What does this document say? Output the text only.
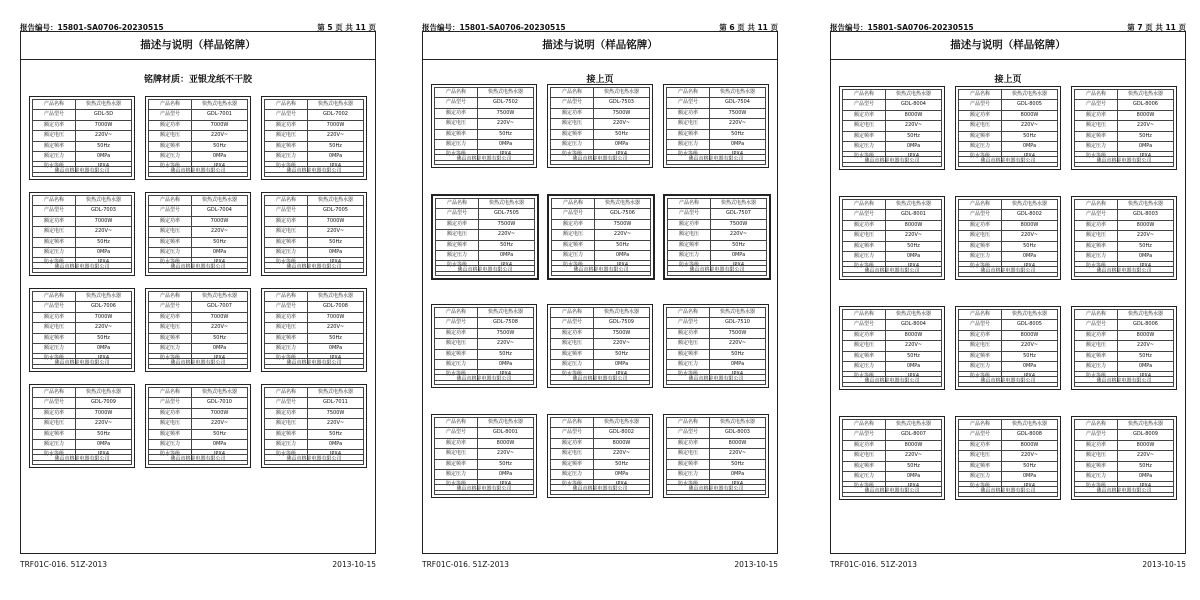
报告编号：15801-SA0706-20230515	第 5 页 共 11 页
描述与说明（样品铭牌）
铭牌材质：亚银龙纸不干胶
产品名称	快热式电热水器
产品型号	GDL-5D
额定功率	7000W
额定电压	220V~
额定频率	50Hz
额定压力	0MPa
防水等级	IPX4
佛山市格美电器有限公司
产品名称	快热式电热水器
产品型号	GDL-7001
额定功率	7000W
额定电压	220V~
额定频率	50Hz
额定压力	0MPa
防水等级	IPX4
佛山市格美电器有限公司
产品名称	快热式电热水器
产品型号	GDL-7002
额定功率	7000W
额定电压	220V~
额定频率	50Hz
额定压力	0MPa
防水等级	IPX4
佛山市格美电器有限公司
产品名称	快热式电热水器
产品型号	GDL-7003
额定功率	7000W
额定电压	220V~
额定频率	50Hz
额定压力	0MPa
防水等级	IPX4
佛山市格美电器有限公司
产品名称	快热式电热水器
产品型号	GDL-7004
额定功率	7000W
额定电压	220V~
额定频率	50Hz
额定压力	0MPa
防水等级	IPX4
佛山市格美电器有限公司
产品名称	快热式电热水器
产品型号	GDL-7005
额定功率	7000W
额定电压	220V~
额定频率	50Hz
额定压力	0MPa
防水等级	IPX4
佛山市格美电器有限公司
产品名称	快热式电热水器
产品型号	GDL-7006
额定功率	7000W
额定电压	220V~
额定频率	50Hz
额定压力	0MPa
防水等级	IPX4
佛山市格美电器有限公司
产品名称	快热式电热水器
产品型号	GDL-7007
额定功率	7000W
额定电压	220V~
额定频率	50Hz
额定压力	0MPa
防水等级	IPX4
佛山市格美电器有限公司
产品名称	快热式电热水器
产品型号	GDL-7008
额定功率	7000W
额定电压	220V~
额定频率	50Hz
额定压力	0MPa
防水等级	IPX4
佛山市格美电器有限公司
产品名称	快热式电热水器
产品型号	GDL-7009
额定功率	7000W
额定电压	220V~
额定频率	50Hz
额定压力	0MPa
防水等级	IPX4
佛山市格美电器有限公司
产品名称	快热式电热水器
产品型号	GDL-7010
额定功率	7000W
额定电压	220V~
额定频率	50Hz
额定压力	0MPa
防水等级	IPX4
佛山市格美电器有限公司
产品名称	快热式电热水器
产品型号	GDL-7011
额定功率	7500W
额定电压	220V~
额定频率	50Hz
额定压力	0MPa
防水等级	IPX4
佛山市格美电器有限公司
TRF01C-016. 51Z-2013	2013-10-15
报告编号：15801-SA0706-20230515	第 6 页 共 11 页
描述与说明（样品铭牌）
接上页
产品名称	快热式电热水器
产品型号	GDL-7502
额定功率	7500W
额定电压	220V~
额定频率	50Hz
额定压力	0MPa
防水等级	IPX4
佛山市格美电器有限公司
产品名称	快热式电热水器
产品型号	GDL-7503
额定功率	7500W
额定电压	220V~
额定频率	50Hz
额定压力	0MPa
防水等级	IPX4
佛山市格美电器有限公司
产品名称	快热式电热水器
产品型号	GDL-7504
额定功率	7500W
额定电压	220V~
额定频率	50Hz
额定压力	0MPa
防水等级	IPX4
佛山市格美电器有限公司
产品名称	快热式电热水器
产品型号	GDL-7505
额定功率	7500W
额定电压	220V~
额定频率	50Hz
额定压力	0MPa
防水等级	IPX4
佛山市格美电器有限公司
产品名称	快热式电热水器
产品型号	GDL-7506
额定功率	7500W
额定电压	220V~
额定频率	50Hz
额定压力	0MPa
防水等级	IPX4
佛山市格美电器有限公司
产品名称	快热式电热水器
产品型号	GDL-7507
额定功率	7500W
额定电压	220V~
额定频率	50Hz
额定压力	0MPa
防水等级	IPX4
佛山市格美电器有限公司
产品名称	快热式电热水器
产品型号	GDL-7508
额定功率	7500W
额定电压	220V~
额定频率	50Hz
额定压力	0MPa
防水等级	IPX4
佛山市格美电器有限公司
产品名称	快热式电热水器
产品型号	GDL-7509
额定功率	7500W
额定电压	220V~
额定频率	50Hz
额定压力	0MPa
防水等级	IPX4
佛山市格美电器有限公司
产品名称	快热式电热水器
产品型号	GDL-7510
额定功率	7500W
额定电压	220V~
额定频率	50Hz
额定压力	0MPa
防水等级	IPX4
佛山市格美电器有限公司
产品名称	快热式电热水器
产品型号	GDL-8001
额定功率	8000W
额定电压	220V~
额定频率	50Hz
额定压力	0MPa
防水等级	IPX4
佛山市格美电器有限公司
产品名称	快热式电热水器
产品型号	GDL-8002
额定功率	8000W
额定电压	220V~
额定频率	50Hz
额定压力	0MPa
防水等级	IPX4
佛山市格美电器有限公司
产品名称	快热式电热水器
产品型号	GDL-8003
额定功率	8000W
额定电压	220V~
额定频率	50Hz
额定压力	0MPa
防水等级	IPX4
佛山市格美电器有限公司
TRF01C-016. 51Z-2013	2013-10-15
报告编号：15801-SA0706-20230515	第 7 页 共 11 页
描述与说明（样品铭牌）
接上页
产品名称	快热式电热水器
产品型号	GDL-8004
额定功率	8000W
额定电压	220V~
额定频率	50Hz
额定压力	0MPa
防水等级	IPX4
佛山市格美电器有限公司
产品名称	快热式电热水器
产品型号	GDL-8005
额定功率	8000W
额定电压	220V~
额定频率	50Hz
额定压力	0MPa
防水等级	IPX4
佛山市格美电器有限公司
产品名称	快热式电热水器
产品型号	GDL-8006
额定功率	8000W
额定电压	220V~
额定频率	50Hz
额定压力	0MPa
防水等级	IPX4
佛山市格美电器有限公司
产品名称	快热式电热水器
产品型号	GDL-8001
额定功率	8000W
额定电压	220V~
额定频率	50Hz
额定压力	0MPa
防水等级	IPX4
佛山市格美电器有限公司
产品名称	快热式电热水器
产品型号	GDL-8002
额定功率	8000W
额定电压	220V~
额定频率	50Hz
额定压力	0MPa
防水等级	IPX4
佛山市格美电器有限公司
产品名称	快热式电热水器
产品型号	GDL-8003
额定功率	8000W
额定电压	220V~
额定频率	50Hz
额定压力	0MPa
防水等级	IPX4
佛山市格美电器有限公司
产品名称	快热式电热水器
产品型号	GDL-8004
额定功率	8000W
额定电压	220V~
额定频率	50Hz
额定压力	0MPa
防水等级	IPX4
佛山市格美电器有限公司
产品名称	快热式电热水器
产品型号	GDL-8005
额定功率	8000W
额定电压	220V~
额定频率	50Hz
额定压力	0MPa
防水等级	IPX4
佛山市格美电器有限公司
产品名称	快热式电热水器
产品型号	GDL-8006
额定功率	8000W
额定电压	220V~
额定频率	50Hz
额定压力	0MPa
防水等级	IPX4
佛山市格美电器有限公司
产品名称	快热式电热水器
产品型号	GDL-8007
额定功率	8000W
额定电压	220V~
额定频率	50Hz
额定压力	0MPa
防水等级	IPX4
佛山市格美电器有限公司
产品名称	快热式电热水器
产品型号	GDL-8008
额定功率	8000W
额定电压	220V~
额定频率	50Hz
额定压力	0MPa
防水等级	IPX4
佛山市格美电器有限公司
产品名称	快热式电热水器
产品型号	GDL-8009
额定功率	8000W
额定电压	220V~
额定频率	50Hz
额定压力	0MPa
防水等级	IPX4
佛山市格美电器有限公司
TRF01C-016. 51Z-2013	2013-10-15
